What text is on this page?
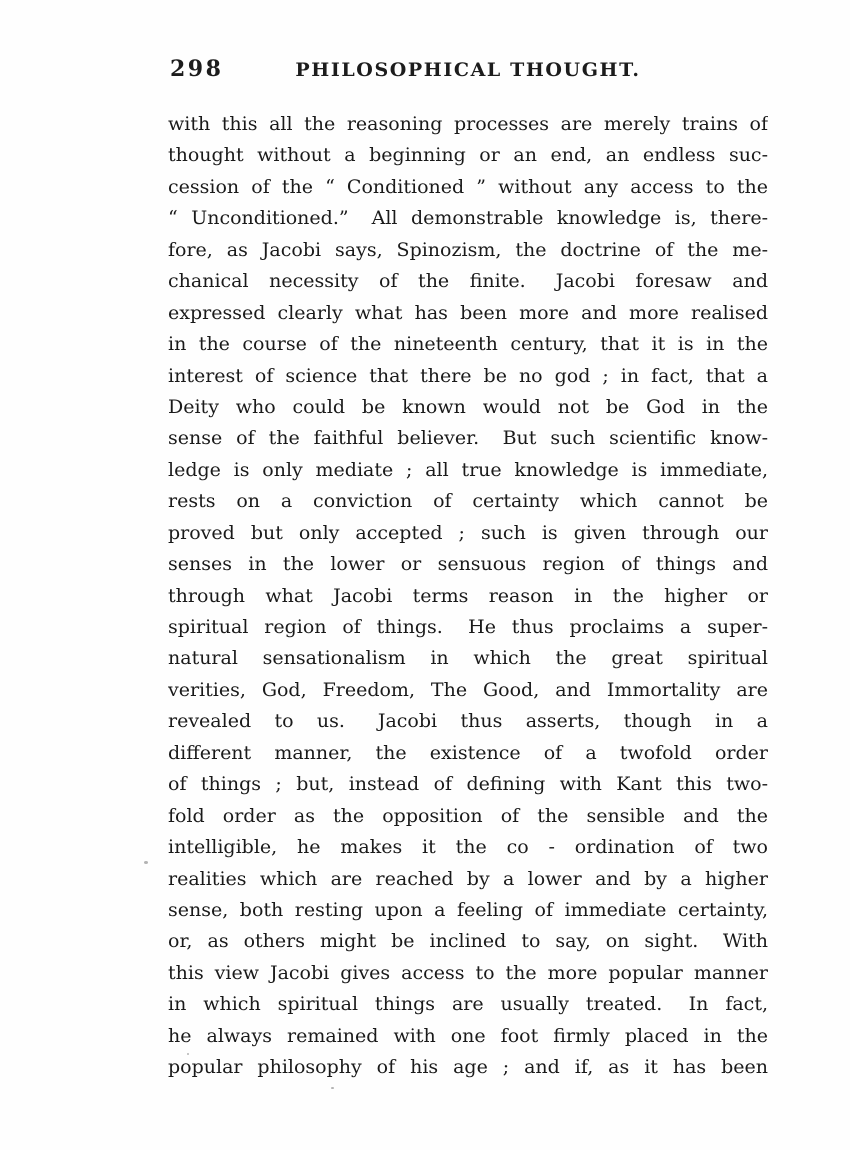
298	PHILOSOPHICAL THOUGHT.
with this all the reasoning processes are merely trains of
thought without a beginning or an end, an endless suc-
cession of the “ Conditioned ” without any access to the
“ Unconditioned.”  All demonstrable knowledge is, there-
fore, as Jacobi says, Spinozism, the doctrine of the me-
chanical necessity of the finite.  Jacobi foresaw and
expressed clearly what has been more and more realised
in the course of the nineteenth century, that it is in the
interest of science that there be no god ; in fact, that a
Deity who could be known would not be God in the
sense of the faithful believer.  But such scientific know-
ledge is only mediate ; all true knowledge is immediate,
rests on a conviction of certainty which cannot be
proved but only accepted ; such is given through our
senses in the lower or sensuous region of things and
through what Jacobi terms reason in the higher or
spiritual region of things.  He thus proclaims a super-
natural sensationalism in which the great spiritual
verities, God, Freedom, The Good, and Immortality are
revealed to us.  Jacobi thus asserts, though in a
different manner, the existence of a twofold order
of things ; but, instead of defining with Kant this two-
fold order as the opposition of the sensible and the
intelligible, he makes it the co - ordination of two
realities which are reached by a lower and by a higher
sense, both resting upon a feeling of immediate certainty,
or, as others might be inclined to say, on sight.  With
this view Jacobi gives access to the more popular manner
in which spiritual things are usually treated.  In fact,
he always remained with one foot firmly placed in the
popular philosophy of his age ; and if, as it has been
